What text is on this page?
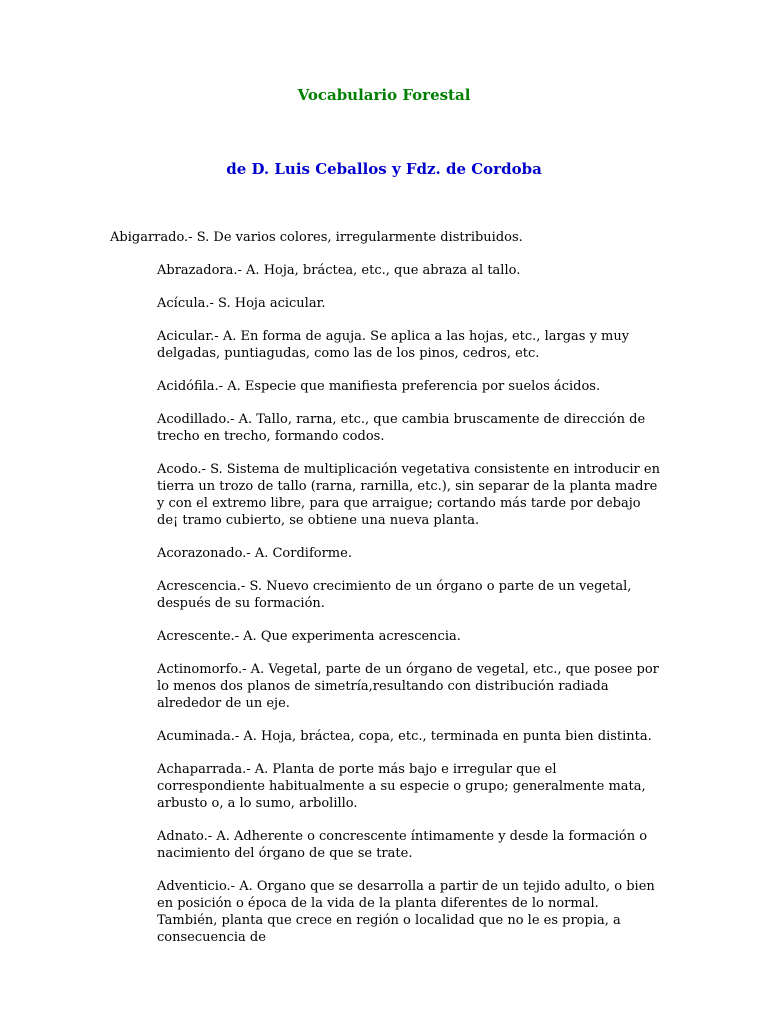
Vocabulario Forestal
de D. Luis Ceballos y Fdz. de Cordoba

Abigarrado.- S. De varios colores, irregularmente distribuidos.

Abrazadora.- A. Hoja, bráctea, etc., que abraza al tallo.

Acícula.- S. Hoja acicular.

Acicular.- A. En forma de aguja. Se aplica a las hojas, etc., largas y muy delgadas, puntiagudas, como las de los pinos, cedros, etc.

Acidófila.- A. Especie que manifiesta preferencia por suelos ácidos.

Acodillado.- A. Tallo, rarna, etc., que cambia bruscamente de dirección de trecho en trecho, formando codos.

Acodo.- S. Sistema de multiplicación vegetativa consistente en introducir en tierra un trozo de tallo (rarna, rarnilla, etc.), sin separar de la planta madre y con el extremo libre, para que arraigue; cortando más tarde por debajo de¡ tramo cubierto, se obtiene una nueva planta.

Acorazonado.- A. Cordiforme.

Acrescencia.- S. Nuevo crecimiento de un órgano o parte de un vegetal, después de su formación.

Acrescente.- A. Que experimenta acrescencia.

Actinomorfo.- A. Vegetal, parte de un órgano de vegetal, etc., que posee por lo menos dos planos de simetría,resultando con distribución radiada alrededor de un eje.

Acuminada.- A. Hoja, bráctea, copa, etc., terminada en punta bien distinta.

Achaparrada.- A. Planta de porte más bajo e irregular que el correspondiente habitualmente a su especie o grupo; generalmente mata, arbusto o, a lo sumo, arbolillo.

Adnato.- A. Adherente o concrescente íntimamente y desde la formación o nacimiento del órgano de que se trate.

Adventicio.- A. Organo que se desarrolla a partir de un tejido adulto, o bien en posición o época de la vida de la planta diferentes de lo normal. También, planta que crece en región o localidad que no le es propia, a consecuencia de
